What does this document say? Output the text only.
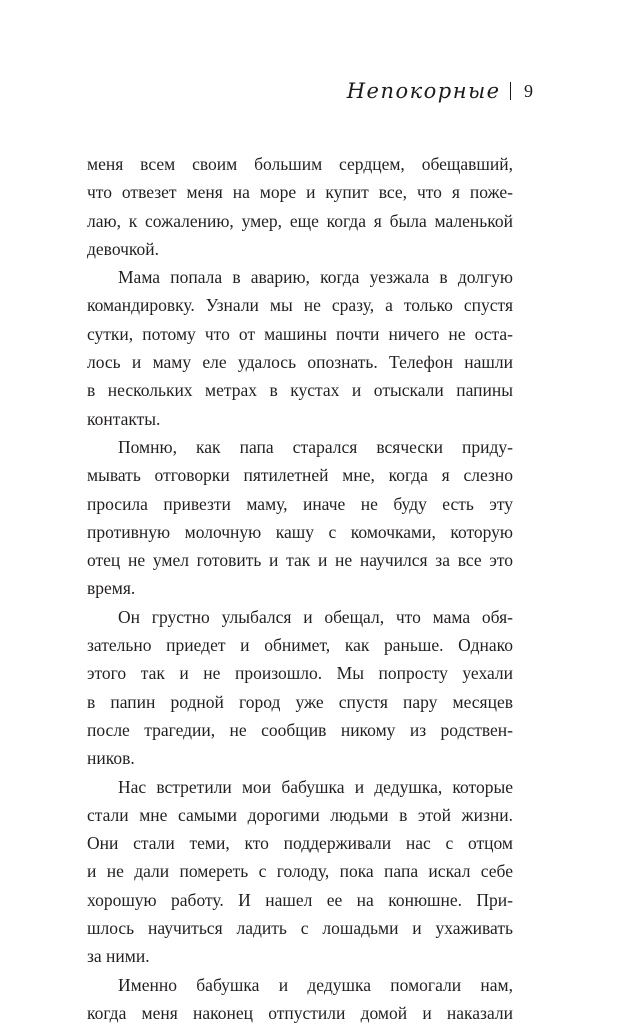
Непокорные 9
меня всем своим большим сердцем, обещавший,
что отвезет меня на море и купит все, что я поже-
лаю, к сожалению, умер, еще когда я была маленькой
девочкой.
Мама попала в аварию, когда уезжала в долгую
командировку. Узнали мы не сразу, а только спустя
сутки, потому что от машины почти ничего не оста-
лось и маму еле удалось опознать. Телефон нашли
в нескольких метрах в кустах и отыскали папины
контакты.
Помню, как папа старался всячески приду-
мывать отговорки пятилетней мне, когда я слезно
просила привезти маму, иначе не буду есть эту
противную молочную кашу с комочками, которую
отец не умел готовить и так и не научился за все это
время.
Он грустно улыбался и обещал, что мама обя-
зательно приедет и обнимет, как раньше. Однако
этого так и не произошло. Мы попросту уехали
в папин родной город уже спустя пару месяцев
после трагедии, не сообщив никому из родствен-
ников.
Нас встретили мои бабушка и дедушка, которые
стали мне самыми дорогими людьми в этой жизни.
Они стали теми, кто поддерживали нас с отцом
и не дали помереть с голоду, пока папа искал себе
хорошую работу. И нашел ее на конюшне. При-
шлось научиться ладить с лошадьми и ухаживать
за ними.
Именно бабушка и дедушка помогали нам,
когда меня наконец отпустили домой и наказали
